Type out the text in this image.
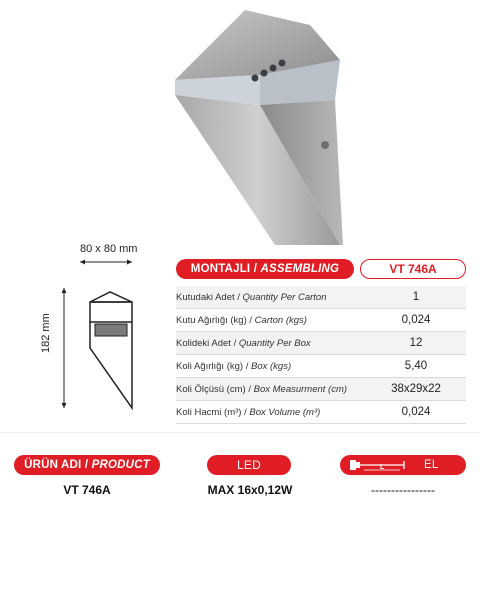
80 x 80 mm
182 mm
MONTAJLI /
ASSEMBLING	VT 746A
Kutudaki Adet / Quantity Per Carton	1
Kutu Ağırlığı (kg) / Carton (kgs)	0,024
Kolideki Adet / Quantity Per Box	12
Koli Ağırlığı (kg) / Box (kgs)	5,40
Koli Ölçüsü (cm) / Box Measurment (cm)	38x29x22
Koli Hacmi (m³) / Box Volume (m³)	0,024
ÜRÜN ADI /
PRODUCT
VT 746A
LED
MAX 16x0,12W
L	EL
----------------
